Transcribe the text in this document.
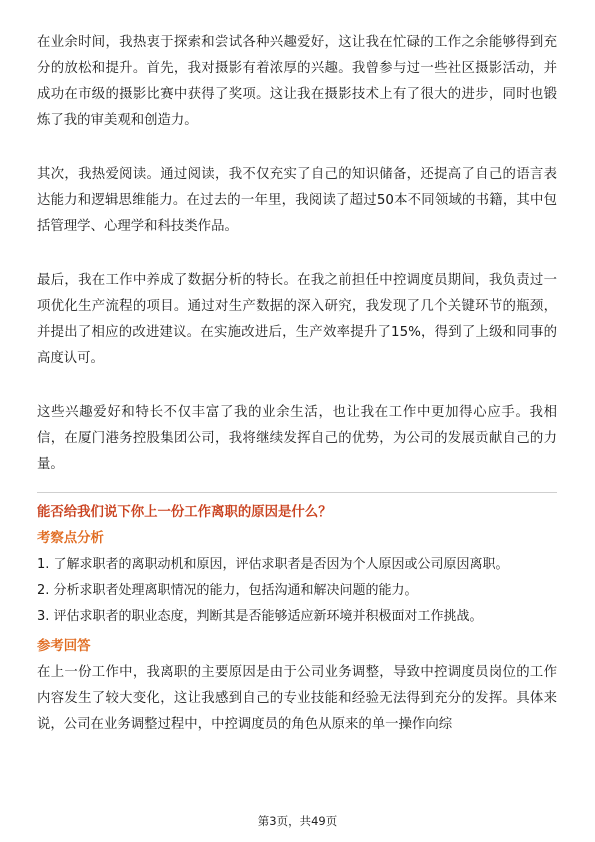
在业余时间，我热衷于探索和尝试各种兴趣爱好，这让我在忙碌的工作之余能够得到充分的放松和提升。首先，我对摄影有着浓厚的兴趣。我曾参与过一些社区摄影活动，并成功在市级的摄影比赛中获得了奖项。这让我在摄影技术上有了很大的进步，同时也锻炼了我的审美观和创造力。

其次，我热爱阅读。通过阅读，我不仅充实了自己的知识储备，还提高了自己的语言表达能力和逻辑思维能力。在过去的一年里，我阅读了超过50本不同领域的书籍，其中包括管理学、心理学和科技类作品。

最后，我在工作中养成了数据分析的特长。在我之前担任中控调度员期间，我负责过一项优化生产流程的项目。通过对生产数据的深入研究，我发现了几个关键环节的瓶颈，并提出了相应的改进建议。在实施改进后，生产效率提升了15%，得到了上级和同事的高度认可。

这些兴趣爱好和特长不仅丰富了我的业余生活，也让我在工作中更加得心应手。我相信，在厦门港务控股集团公司，我将继续发挥自己的优势，为公司的发展贡献自己的力量。

能否给我们说下你上一份工作离职的原因是什么？
考察点分析
1. 了解求职者的离职动机和原因，评估求职者是否因为个人原因或公司原因离职。
2. 分析求职者处理离职情况的能力，包括沟通和解决问题的能力。
3. 评估求职者的职业态度，判断其是否能够适应新环境并积极面对工作挑战。
参考回答

在上一份工作中，我离职的主要原因是由于公司业务调整，导致中控调度员岗位的工作内容发生了较大变化，这让我感到自己的专业技能和经验无法得到充分的发挥。具体来说，公司在业务调整过程中，中控调度员的角色从原来的单一操作向综

第3页，共49页
